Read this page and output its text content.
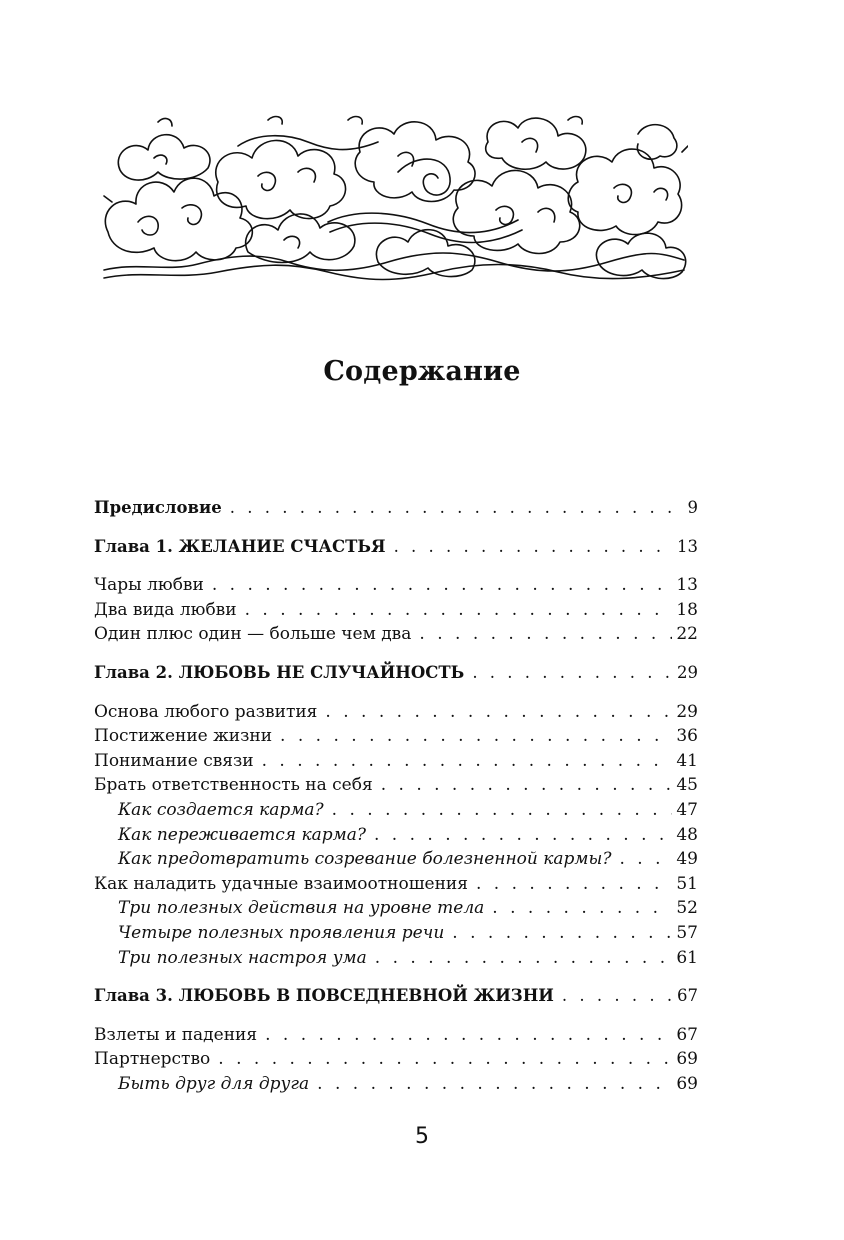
Содержание
Предисловие . . .	9
Глава 1. ЖЕЛАНИЕ СЧАСТЬЯ . . .	13
Чары любви . . .	13
Два вида любви . . .	18
Один плюс один — больше чем два . . .	22
Глава 2. ЛЮБОВЬ НЕ СЛУЧАЙНОСТЬ . . .	29
Основа любого развития . . .	29
Постижение жизни . . .	36
Понимание связи . . .	41
Брать ответственность на себя . . .	45
Как создается карма? . . .	47
Как переживается карма? . . .	48
Как предотвратить созревание болезненной кармы? . . .	49
Как наладить удачные взаимоотношения . . .	51
Три полезных действия на уровне тела . . .	52
Четыре полезных проявления речи . . .	57
Три полезных настроя ума . . .	61
Глава 3. ЛЮБОВЬ В ПОВСЕДНЕВНОЙ ЖИЗНИ . . .	67
Взлеты и падения . . .	67
Партнерство . . .	69
Быть друг для друга . . .	69
5
